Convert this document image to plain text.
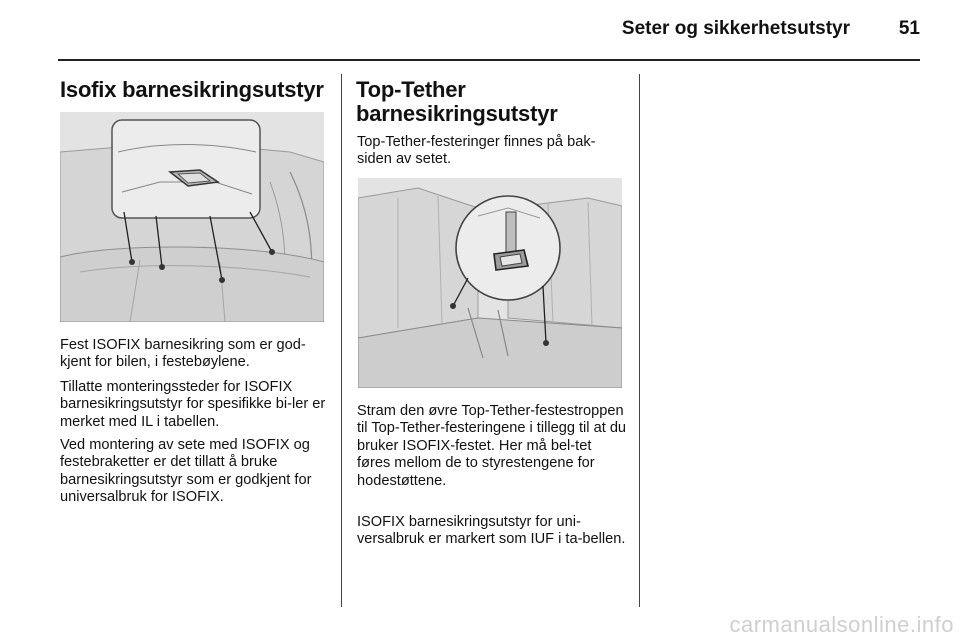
Seter og sikkerhetsutstyr	51
Isofix barnesikringsutstyr

Fest ISOFIX barnesikring som er god-kjent for bilen, i festebøylene.

Tillatte monteringssteder for ISOFIX barnesikringsutstyr for spesifikke bi-ler er merket med IL i tabellen.

Ved montering av sete med ISOFIX og festebraketter er det tillatt å bruke barnesikringsutstyr som er godkjent for universalbruk for ISOFIX.

Top-Tether barnesikringsutstyr

Top-Tether-festeringer finnes på bak-siden av setet.

Stram den øvre Top-Tether-festestroppen til Top-Tether-festeringene i tillegg til at du bruker ISOFIX-festet. Her må bel-tet føres mellom de to styrestengene for hodestøttene.

ISOFIX barnesikringsutstyr for uni-versalbruk er markert som IUF i ta-bellen.

carmanualsonline.info
